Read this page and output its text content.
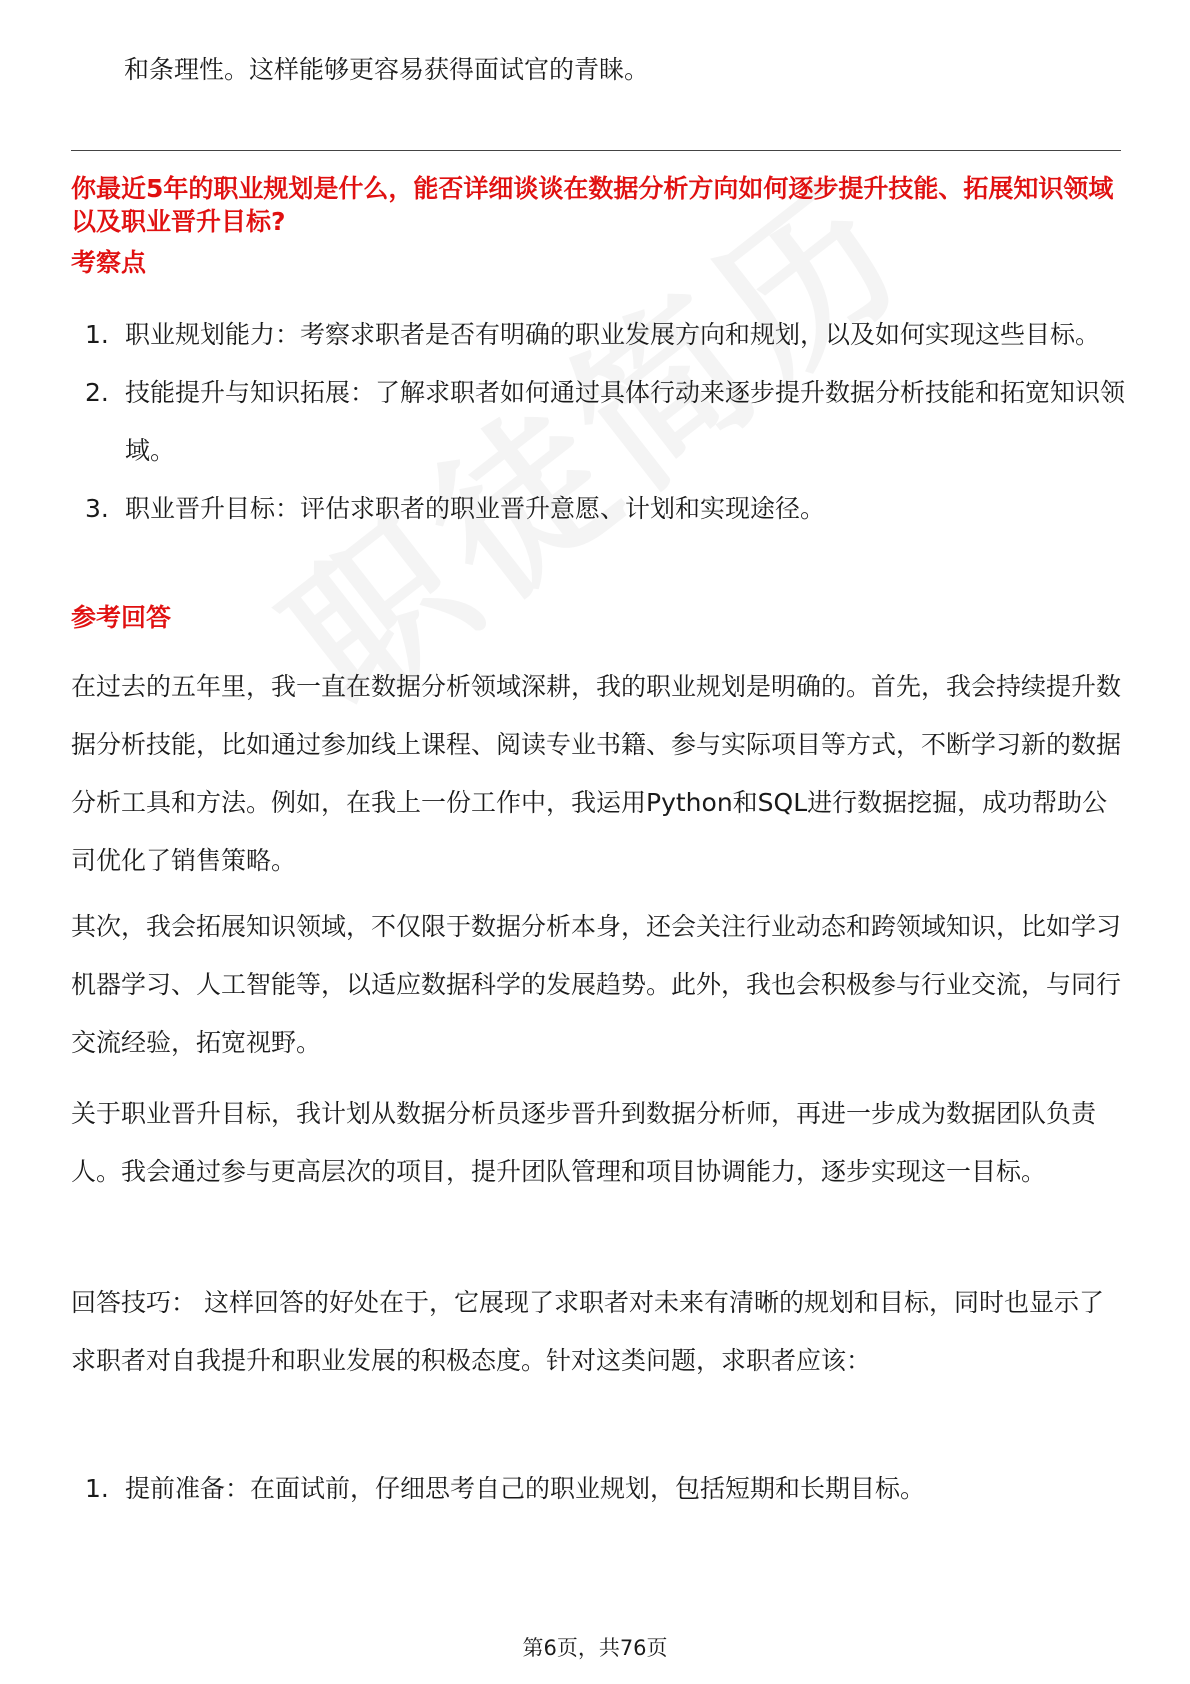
和条理性。这样能够更容易获得面试官的青睐。
你最近5年的职业规划是什么，能否详细谈谈在数据分析方向如何逐步提升技能、拓展知识领域以及职业晋升目标?
考察点
1. 职业规划能力：考察求职者是否有明确的职业发展方向和规划，以及如何实现这些目标。
2. 技能提升与知识拓展：了解求职者如何通过具体行动来逐步提升数据分析技能和拓宽知识领域。
3. 职业晋升目标：评估求职者的职业晋升意愿、计划和实现途径。
参考回答

在过去的五年里，我一直在数据分析领域深耕，我的职业规划是明确的。首先，我会持续提升数据分析技能，比如通过参加线上课程、阅读专业书籍、参与实际项目等方式，不断学习新的数据分析工具和方法。例如，在我上一份工作中，我运用Python和SQL进行数据挖掘，成功帮助公司优化了销售策略。

其次，我会拓展知识领域，不仅限于数据分析本身，还会关注行业动态和跨领域知识，比如学习机器学习、人工智能等，以适应数据科学的发展趋势。此外，我也会积极参与行业交流，与同行交流经验，拓宽视野。

关于职业晋升目标，我计划从数据分析员逐步晋升到数据分析师，再进一步成为数据团队负责人。我会通过参与更高层次的项目，提升团队管理和项目协调能力，逐步实现这一目标。

回答技巧： 这样回答的好处在于，它展现了求职者对未来有清晰的规划和目标，同时也显示了求职者对自我提升和职业发展的积极态度。针对这类问题，求职者应该：

1. 提前准备：在面试前，仔细思考自己的职业规划，包括短期和长期目标。
第6页，共76页
